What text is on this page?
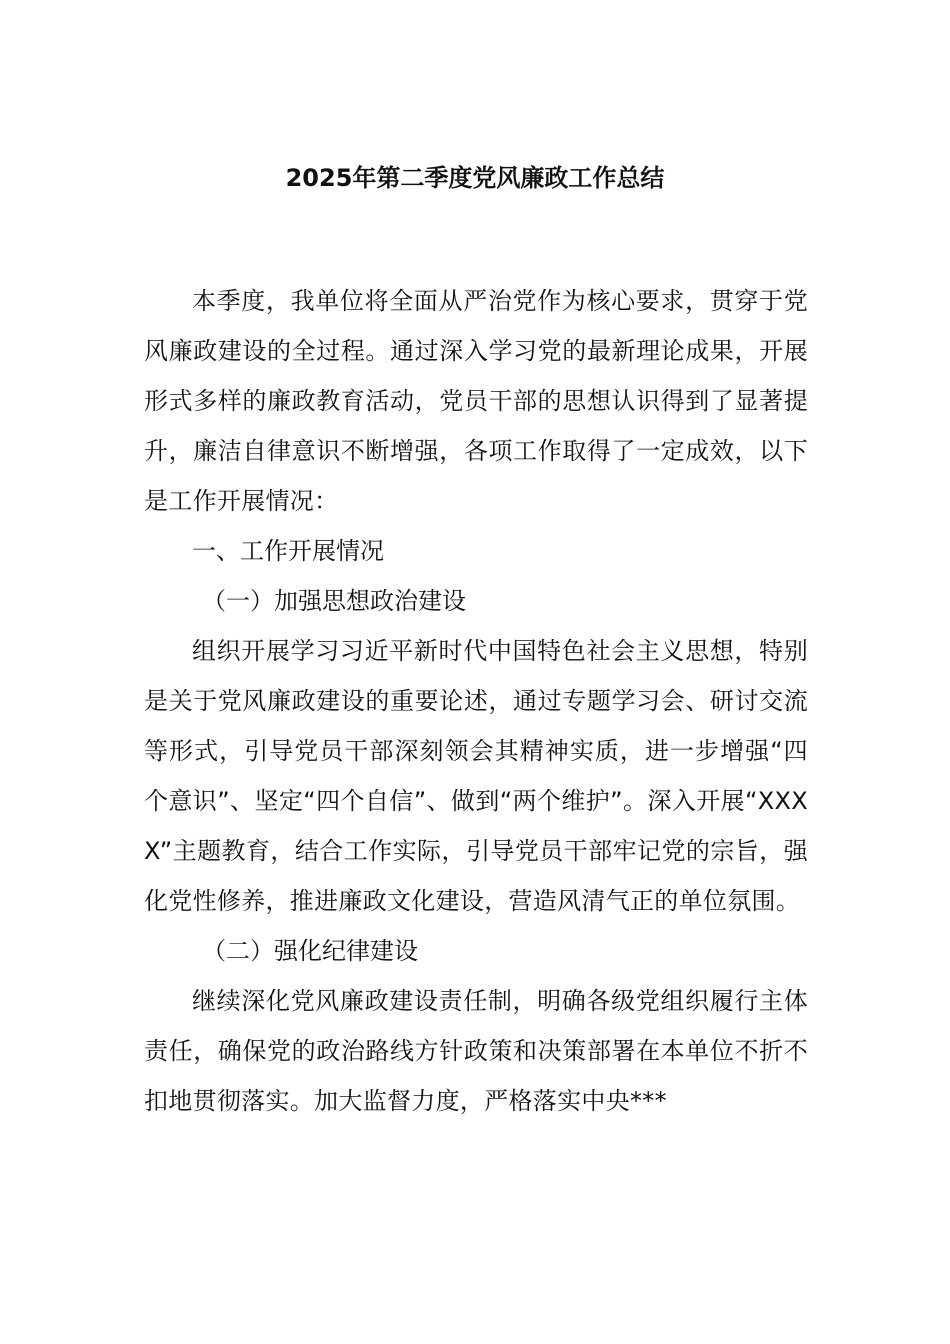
2025年第二季度党风廉政工作总结

本季度，我单位将全面从严治党作为核心要求，贯穿于党风廉政建设的全过程。通过深入学习党的最新理论成果，开展形式多样的廉政教育活动，党员干部的思想认识得到了显著提升，廉洁自律意识不断增强，各项工作取得了一定成效，以下是工作开展情况：

一、工作开展情况

（一）加强思想政治建设

组织开展学习习近平新时代中国特色社会主义思想，特别是关于党风廉政建设的重要论述，通过专题学习会、研讨交流等形式，引导党员干部深刻领会其精神实质，进一步增强“四个意识”、坚定“四个自信”、做到“两个维护”。深入开展“XXXX”主题教育，结合工作实际，引导党员干部牢记党的宗旨，强化党性修养，推进廉政文化建设，营造风清气正的单位氛围。

（二）强化纪律建设

继续深化党风廉政建设责任制，明确各级党组织履行主体责任，确保党的政治路线方针政策和决策部署在本单位不折不扣地贯彻落实。加大监督力度，严格落实中央***
